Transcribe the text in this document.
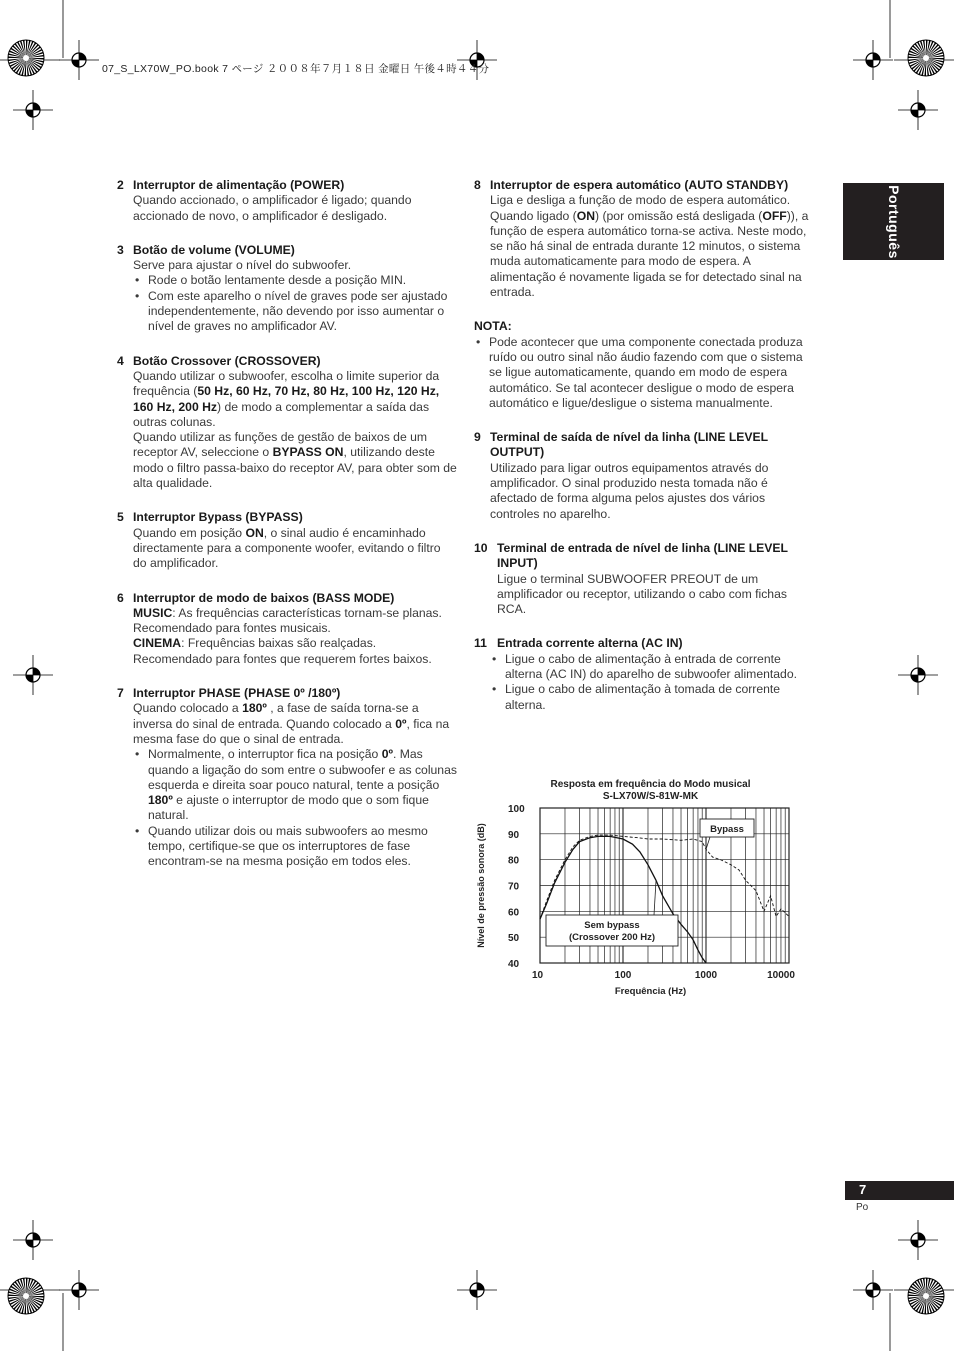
07_S_LX70W_PO.book 7 ページ ２００８年７月１８日 金曜日 午後４時４４分
Português
2 Interruptor de alimentação (POWER)

Quando accionado, o amplificador é ligado; quando accionado de novo, o amplificador é desligado.

3 Botão de volume (VOLUME)

Serve para ajustar o nível do subwoofer.

• Rode o botão lentamente desde a posição MIN.
• Com este aparelho o nível de graves pode ser ajustado independentemente, não devendo por isso aumentar o nível de graves no amplificador AV.
4 Botão Crossover (CROSSOVER)

Quando utilizar o subwoofer, escolha o limite superior da frequência (50 Hz, 60 Hz, 70 Hz, 80 Hz, 100 Hz, 120 Hz, 160 Hz, 200 Hz) de modo a complementar a saída das outras colunas.

Quando utilizar as funções de gestão de baixos de um receptor AV, seleccione o BYPASS ON, utilizando deste modo o filtro passa-baixo do receptor AV, para obter som de alta qualidade.

5 Interruptor Bypass (BYPASS)

Quando em posição ON, o sinal audio é encaminhado directamente para a componente woofer, evitando o filtro do amplificador.

6 Interruptor de modo de baixos (BASS MODE)

MUSIC: As frequências características tornam-se planas. Recomendado para fontes musicais.

CINEMA: Frequências baixas são realçadas. Recomendado para fontes que requerem fortes baixos.

7 Interruptor PHASE (PHASE 0º /180º)

Quando colocado a 180º , a fase de saída torna-se a inversa do sinal de entrada. Quando colocado a 0º, fica na mesma fase do que o sinal de entrada.

• Normalmente, o interruptor fica na posição 0º. Mas quando a ligação do som entre o subwoofer e as colunas esquerda e direita soar pouco natural, tente a posição 180º e ajuste o interruptor de modo que o som fique natural.
• Quando utilizar dois ou mais subwoofers ao mesmo tempo, certifique-se que os interruptores de fase encontram-se na mesma posição em todos eles.
8 Interruptor de espera automático (AUTO STANDBY)

Liga e desliga a função de modo de espera automático.

Quando ligado (ON) (por omissão está desligada (OFF)), a função de espera automático torna-se activa. Neste modo, se não há sinal de entrada durante 12 minutos, o sistema muda automaticamente para modo de espera. A alimentação é novamente ligada se for detectado sinal na entrada.

NOTA:
• Pode acontecer que uma componente conectada produza ruído ou outro sinal não áudio fazendo com que o sistema se ligue automaticamente, quando em modo de espera automático. Se tal acontecer desligue o modo de espera automático e ligue/desligue o sistema manualmente.
9 Terminal de saída de nível da linha (LINE LEVEL OUTPUT)

Utilizado para ligar outros equipamentos através do amplificador. O sinal produzido nesta tomada não é afectado de forma alguma pelos ajustes dos vários controles no aparelho.

10 Terminal de entrada de nível de linha (LINE LEVEL INPUT)

Ligue o terminal SUBWOOFER PREOUT de um amplificador ou receptor, utilizando o cabo com fichas RCA.

11 Entrada corrente alterna (AC IN)
• Ligue o cabo de alimentação à entrada de corrente alterna (AC IN) do aparelho de subwoofer alimentado.
• Ligue o cabo de alimentação à tomada de corrente alterna.
Resposta em frequência do Modo musical
S-LX70W/S-81W-MK
100
90
80
70
60
50
40
10	100	1000	10000
Frequência (Hz)
Nível de pressão sonora (dB)	Bypass
Sem bypass
(Crossover 200 Hz)
7
Po
